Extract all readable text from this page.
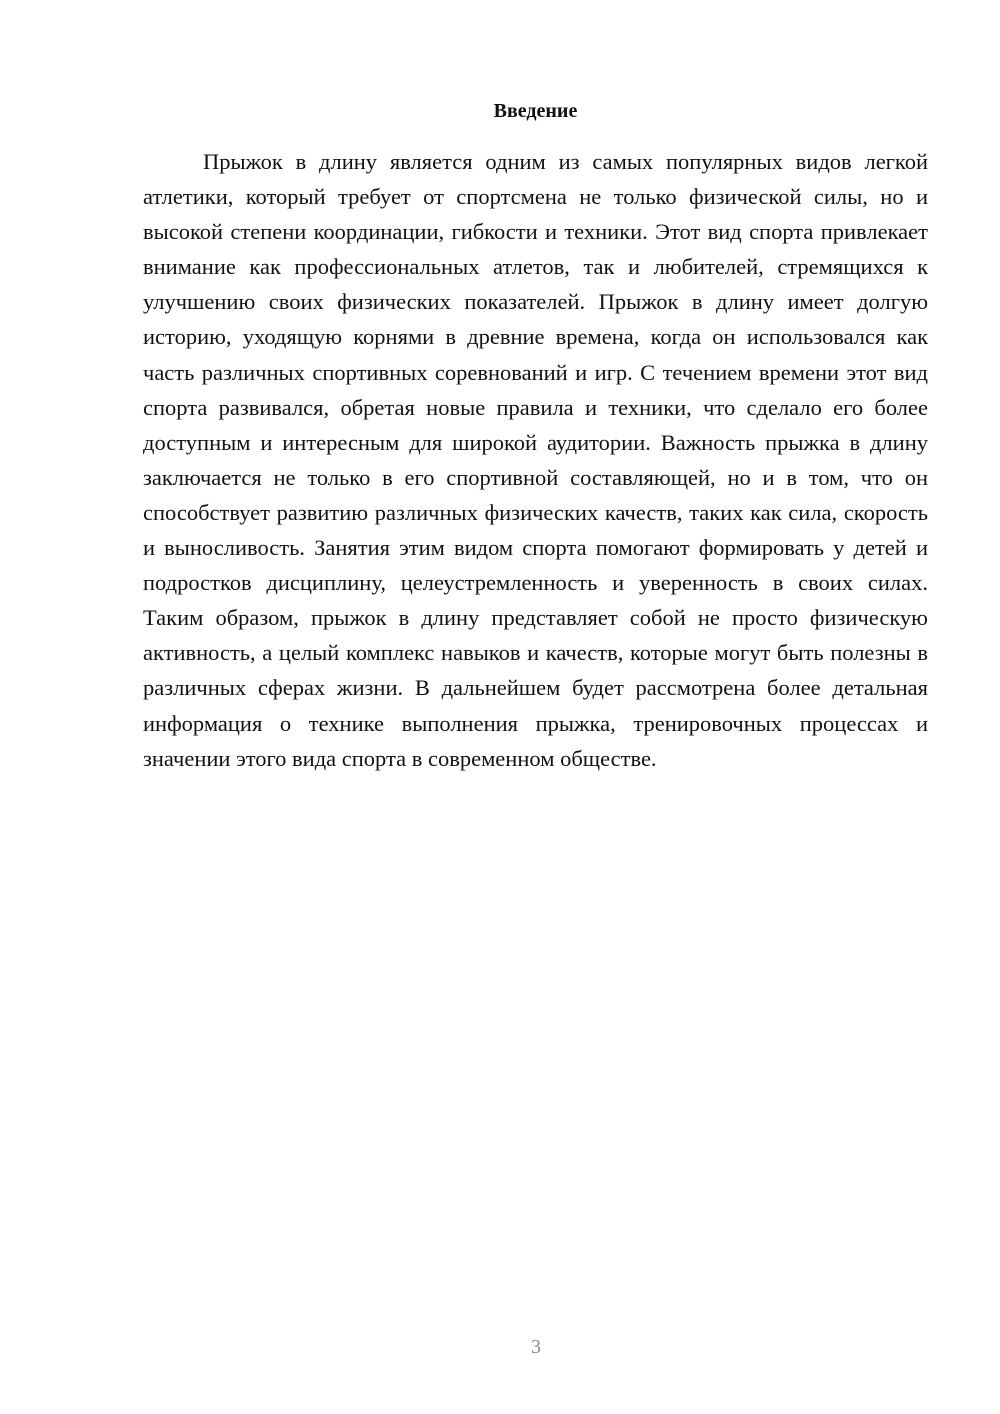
Введение

Прыжок в длину является одним из самых популярных видов легкой атлетики, который требует от спортсмена не только физической силы, но и высокой степени координации, гибкости и техники. Этот вид спорта привлекает внимание как профессиональных атлетов, так и любителей, стремящихся к улучшению своих физических показателей. Прыжок в длину имеет долгую историю, уходящую корнями в древние времена, когда он использовался как часть различных спортивных соревнований и игр. С течением времени этот вид спорта развивался, обретая новые правила и техники, что сделало его более доступным и интересным для широкой аудитории. Важность прыжка в длину заключается не только в его спортивной составляющей, но и в том, что он способствует развитию различных физических качеств, таких как сила, скорость и выносливость. Занятия этим видом спорта помогают формировать у детей и подростков дисциплину, целеустремленность и уверенность в своих силах. Таким образом, прыжок в длину представляет собой не просто физическую активность, а целый комплекс навыков и качеств, которые могут быть полезны в различных сферах жизни. В дальнейшем будет рассмотрена более детальная информация о технике выполнения прыжка, тренировочных процессах и значении этого вида спорта в современном обществе.

3
